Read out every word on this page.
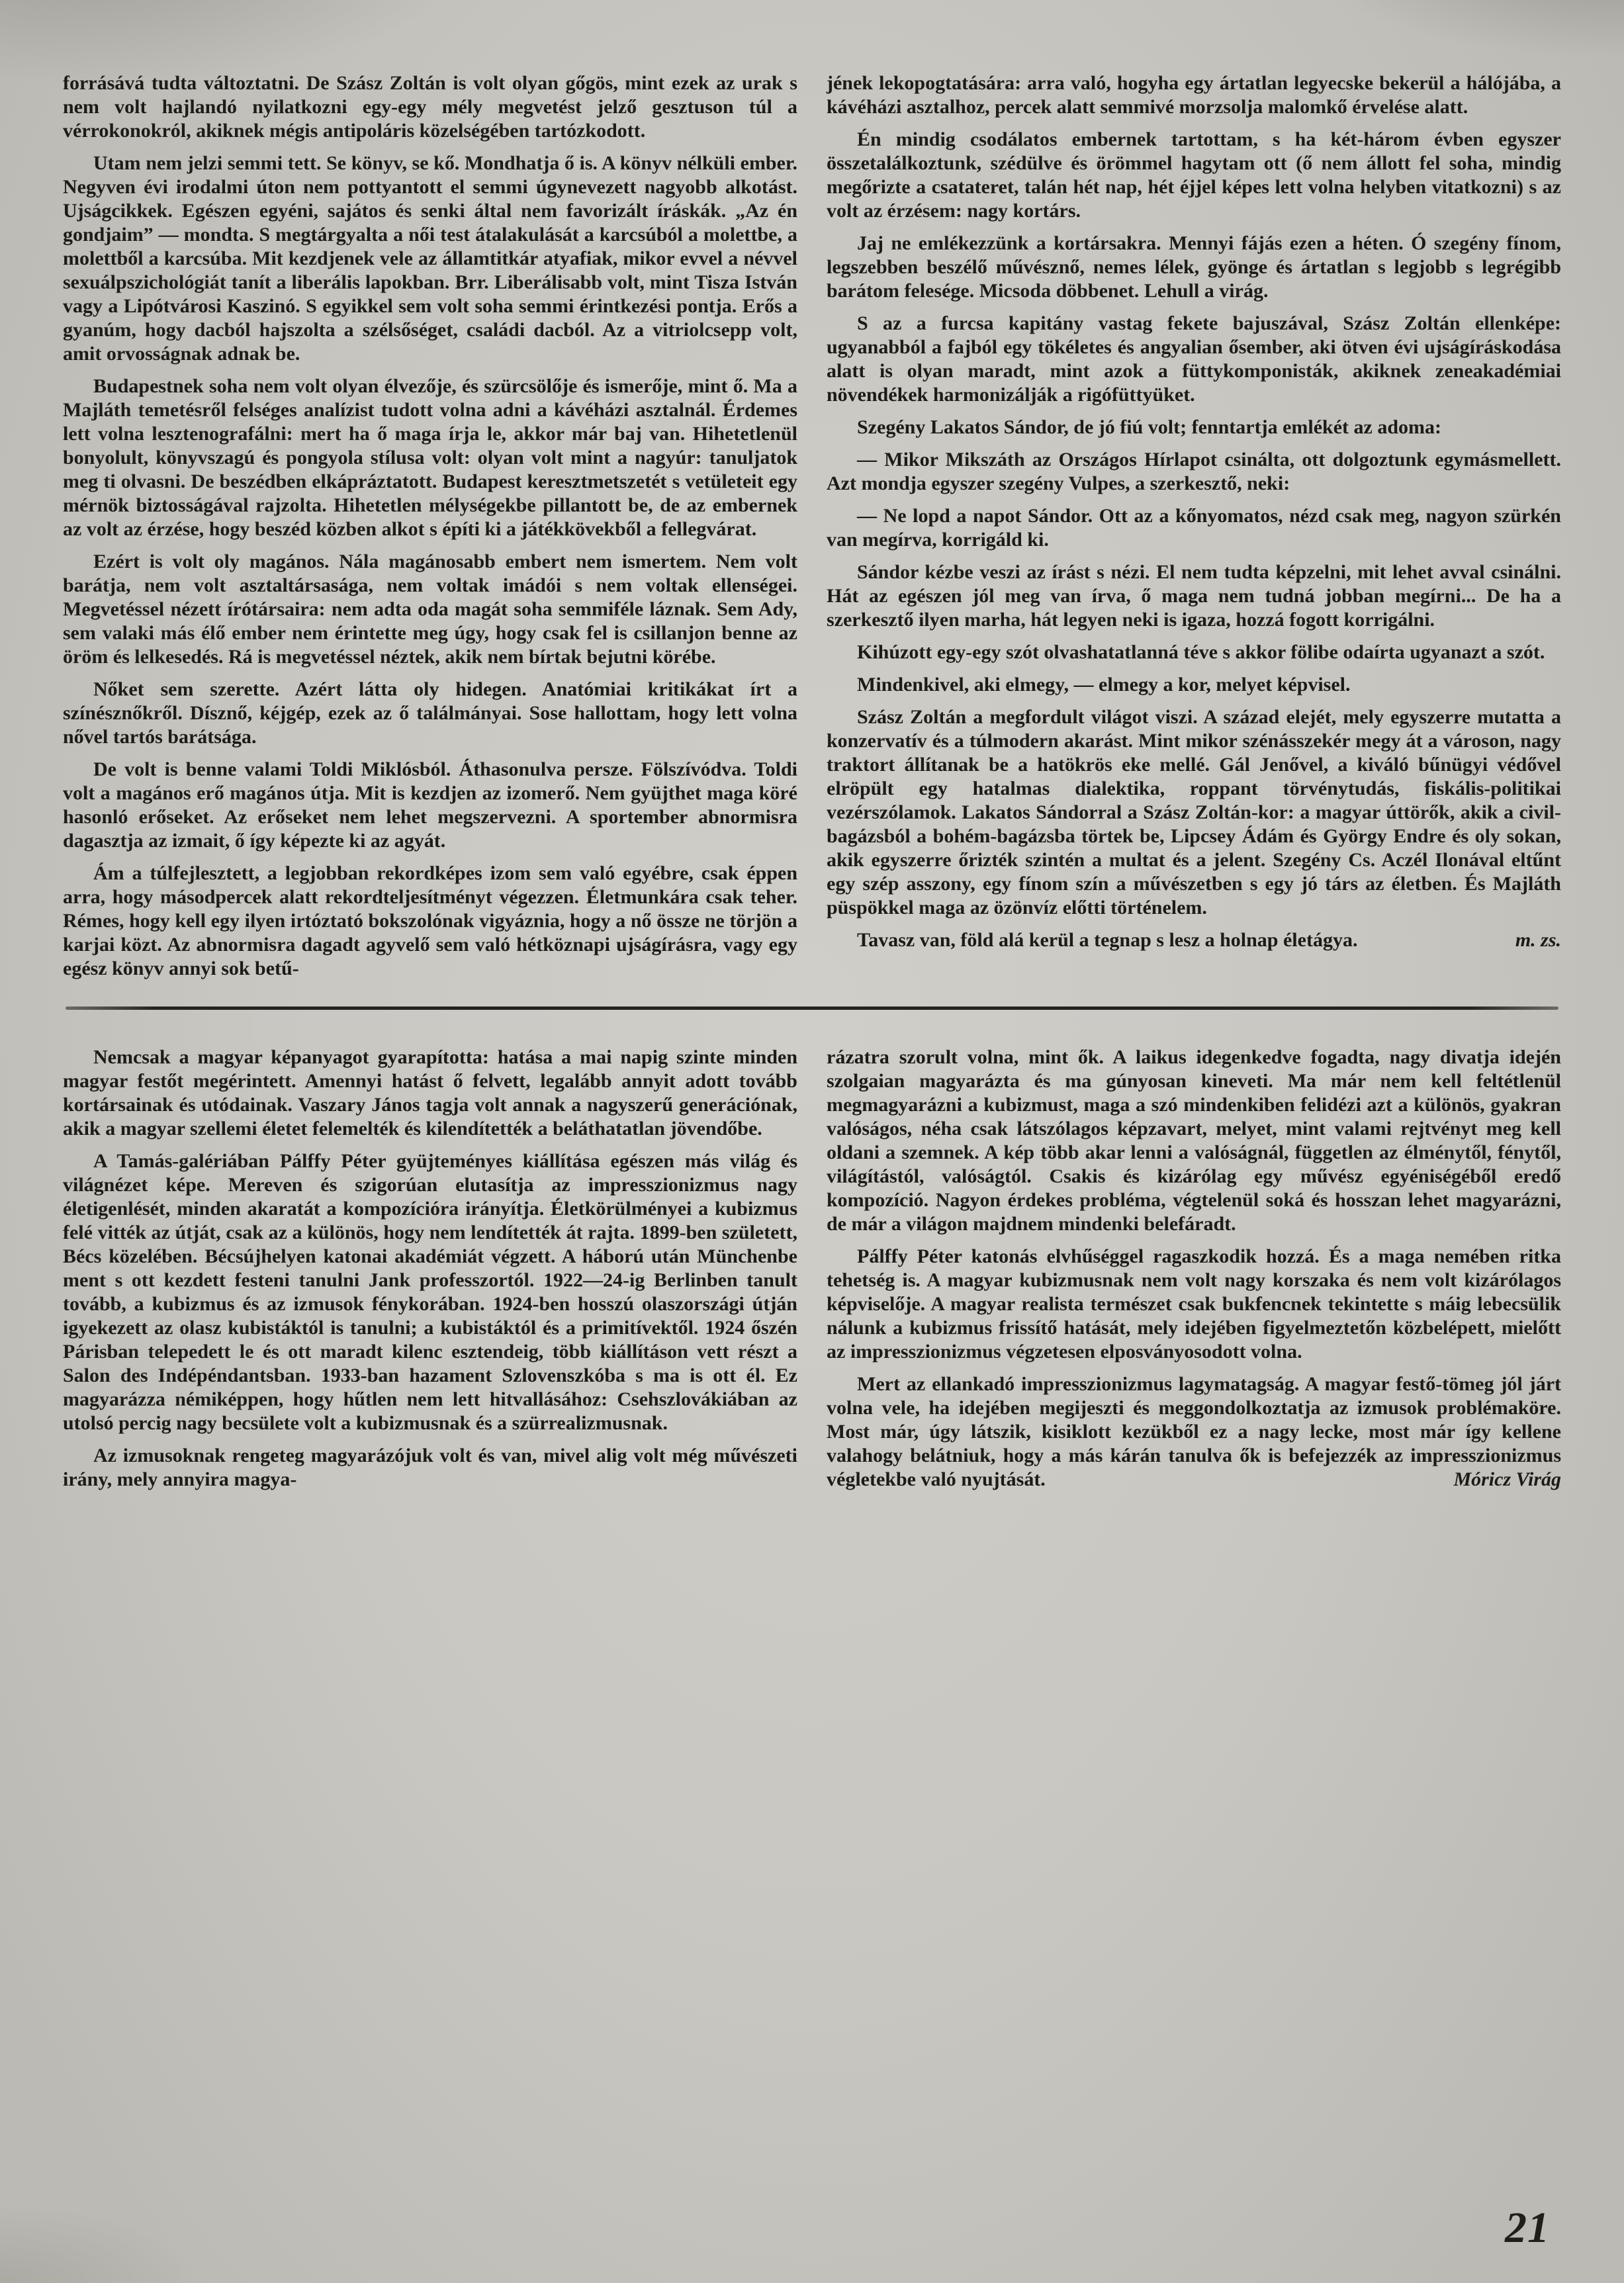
forrásává tudta változtatni. De Szász Zoltán is volt olyan gőgös, mint ezek az urak s nem volt hajlandó nyilatkozni egy-egy mély megvetést jelző gesztuson túl a vérrokonokról, akiknek mégis antipoláris közelségében tartózkodott.

Utam nem jelzi semmi tett. Se könyv, se kő. Mondhatja ő is. A könyv nélküli ember. Negyven évi irodalmi úton nem pottyantott el semmi úgynevezett nagyobb alkotást. Ujságcikkek. Egészen egyéni, sajátos és senki által nem favorizált íráskák. „Az én gondjaim” — mondta. S megtárgyalta a női test átalakulását a karcsúból a molettbe, a molettből a karcsúba. Mit kezdjenek vele az államtitkár atyafiak, mikor evvel a névvel sexuálpszichológiát tanít a liberális lapokban. Brr. Liberálisabb volt, mint Tisza István vagy a Lipótvárosi Kaszinó. S egyikkel sem volt soha semmi érintkezési pontja. Erős a gyanúm, hogy dacból hajszolta a szélsőséget, családi dacból. Az a vitriolcsepp volt, amit orvosságnak adnak be.

Budapestnek soha nem volt olyan élvezője, és szürcsölője és ismerője, mint ő. Ma a Majláth temetésről felséges analízist tudott volna adni a kávéházi asztalnál. Érdemes lett volna lesztenografálni: mert ha ő maga írja le, akkor már baj van. Hihetetlenül bonyolult, könyvszagú és pongyola stílusa volt: olyan volt mint a nagyúr: tanuljatok meg ti olvasni. De beszédben elkápráztatott. Budapest keresztmetszetét s vetületeit egy mérnök biztosságával rajzolta. Hihetetlen mélységekbe pillantott be, de az embernek az volt az érzése, hogy beszéd közben alkot s építi ki a játékkövekből a fellegvárat.

Ezért is volt oly magános. Nála magánosabb embert nem ismertem. Nem volt barátja, nem volt asztaltársasága, nem voltak imádói s nem voltak ellenségei. Megvetéssel nézett írótársaira: nem adta oda magát soha semmiféle láznak. Sem Ady, sem valaki más élő ember nem érintette meg úgy, hogy csak fel is csillanjon benne az öröm és lelkesedés. Rá is megvetéssel néztek, akik nem bírtak bejutni körébe.

Nőket sem szerette. Azért látta oly hidegen. Anatómiai kritikákat írt a színésznőkről. Dísznő, kéjgép, ezek az ő találmányai. Sose hallottam, hogy lett volna nővel tartós barátsága.

De volt is benne valami Toldi Miklósból. Áthasonulva persze. Fölszívódva. Toldi volt a magános erő magános útja. Mit is kezdjen az izomerő. Nem gyüjthet maga köré hasonló erőseket. Az erőseket nem lehet megszervezni. A sportember abnormisra dagasztja az izmait, ő így képezte ki az agyát.

Ám a túlfejlesztett, a legjobban rekordképes izom sem való egyébre, csak éppen arra, hogy másodpercek alatt rekordteljesítményt végezzen. Életmunkára csak teher. Rémes, hogy kell egy ilyen irtóztató bokszolónak vigyáznia, hogy a nő össze ne törjön a karjai közt. Az abnormisra dagadt agyvelő sem való hétköznapi ujságírásra, vagy egy egész könyv annyi sok betű-

jének lekopogtatására: arra való, hogyha egy ártatlan legyecske bekerül a hálójába, a kávéházi asztalhoz, percek alatt semmivé morzsolja malomkő érvelése alatt.

Én mindig csodálatos embernek tartottam, s ha két-három évben egyszer összetalálkoztunk, szédülve és örömmel hagytam ott (ő nem állott fel soha, mindig megőrizte a csatateret, talán hét nap, hét éjjel képes lett volna helyben vitatkozni) s az volt az érzésem: nagy kortárs.

Jaj ne emlékezzünk a kortársakra. Mennyi fájás ezen a héten. Ó szegény fínom, legszebben beszélő művésznő, nemes lélek, gyönge és ártatlan s legjobb s legrégibb barátom felesége. Micsoda döbbenet. Lehull a virág.

S az a furcsa kapitány vastag fekete bajuszával, Szász Zoltán ellenképe: ugyanabból a fajból egy tökéletes és angyalian ősember, aki ötven évi ujságíráskodása alatt is olyan maradt, mint azok a füttykomponisták, akiknek zeneakadémiai növendékek harmonizálják a rigófüttyüket.

Szegény Lakatos Sándor, de jó fiú volt; fenntartja emlékét az adoma:

— Mikor Mikszáth az Országos Hírlapot csinálta, ott dolgoztunk egymásmellett. Azt mondja egyszer szegény Vulpes, a szerkesztő, neki:

— Ne lopd a napot Sándor. Ott az a kőnyomatos, nézd csak meg, nagyon szürkén van megírva, korrigáld ki.

Sándor kézbe veszi az írást s nézi. El nem tudta képzelni, mit lehet avval csinálni. Hát az egészen jól meg van írva, ő maga nem tudná jobban megírni... De ha a szerkesztő ilyen marha, hát legyen neki is igaza, hozzá fogott korrigálni.

Kihúzott egy-egy szót olvashatatlanná téve s akkor fölibe odaírta ugyanazt a szót.

Mindenkivel, aki elmegy, — elmegy a kor, melyet képvisel.

Szász Zoltán a megfordult világot viszi. A század elejét, mely egyszerre mutatta a konzervatív és a túlmodern akarást. Mint mikor szénásszekér megy át a városon, nagy traktort állítanak be a hatökrös eke mellé. Gál Jenővel, a kiváló bűnügyi védővel elröpült egy hatalmas dialektika, roppant törvénytudás, fiskális-politikai vezérszólamok. Lakatos Sándorral a Szász Zoltán-kor: a magyar úttörők, akik a civil-bagázsból a bohém-bagázsba törtek be, Lipcsey Ádám és György Endre és oly sokan, akik egyszerre őrizték szintén a multat és a jelent. Szegény Cs. Aczél Ilonával eltűnt egy szép asszony, egy fínom szín a művészetben s egy jó társ az életben. És Majláth püspökkel maga az özönvíz előtti történelem.

Tavasz van, föld alá kerül a tegnap s lesz a holnap életágya.	m. zs.

Nemcsak a magyar képanyagot gyarapította: hatása a mai napig szinte minden magyar festőt megérintett. Amennyi hatást ő felvett, legalább annyit adott tovább kortársainak és utódainak. Vaszary János tagja volt annak a nagyszerű generációnak, akik a magyar szellemi életet felemelték és kilendítették a beláthatatlan jövendőbe.

A Tamás-galériában Pálffy Péter gyüjteményes kiállítása egészen más világ és világnézet képe. Mereven és szigorúan elutasítja az impresszionizmus nagy életigenlését, minden akaratát a kompozícióra irányítja. Életkörülményei a kubizmus felé vitték az útját, csak az a különös, hogy nem lendítették át rajta. 1899-ben született, Bécs közelében. Bécsújhelyen katonai akadémiát végzett. A háború után Münchenbe ment s ott kezdett festeni tanulni Jank professzortól. 1922—24-ig Berlinben tanult tovább, a kubizmus és az izmusok fénykorában. 1924-ben hosszú olaszországi útján igyekezett az olasz kubistáktól is tanulni; a kubistáktól és a primitívektől. 1924 őszén Párisban telepedett le és ott maradt kilenc esztendeig, több kiállításon vett részt a Salon des Indépéndantsban. 1933-ban hazament Szlovenszkóba s ma is ott él. Ez magyarázza némiképpen, hogy hűtlen nem lett hitvallásához: Csehszlovákiában az utolsó percig nagy becsülete volt a kubizmusnak és a szürrealizmusnak.

Az izmusoknak rengeteg magyarázójuk volt és van, mivel alig volt még művészeti irány, mely annyira magya-

rázatra szorult volna, mint ők. A laikus idegenkedve fogadta, nagy divatja idején szolgaian magyarázta és ma gúnyosan kineveti. Ma már nem kell feltétlenül megmagyarázni a kubizmust, maga a szó mindenkiben felidézi azt a különös, gyakran valóságos, néha csak látszólagos képzavart, melyet, mint valami rejtvényt meg kell oldani a szemnek. A kép több akar lenni a valóságnál, független az élménytől, fénytől, világítástól, valóságtól. Csakis és kizárólag egy művész egyéniségéből eredő kompozíció. Nagyon érdekes probléma, végtelenül soká és hosszan lehet magyarázni, de már a világon majdnem mindenki belefáradt.

Pálffy Péter katonás elvhűséggel ragaszkodik hozzá. És a maga nemében ritka tehetség is. A magyar kubizmusnak nem volt nagy korszaka és nem volt kizárólagos képviselője. A magyar realista természet csak bukfencnek tekintette s máig lebecsülik nálunk a kubizmus frissítő hatását, mely idejében figyelmeztetőn közbelépett, mielőtt az impresszionizmus végzetesen elposványosodott volna.

Mert az ellankadó impresszionizmus lagymatagság. A magyar festő-tömeg jól járt volna vele, ha idejében megijeszti és meggondolkoztatja az izmusok problémaköre. Most már, úgy látszik, kisiklott kezükből ez a nagy lecke, most már így kellene valahogy belátniuk, hogy a más kárán tanulva ők is befejezzék az impresszionizmus végletekbe való nyujtását.	Móricz Virág

21
